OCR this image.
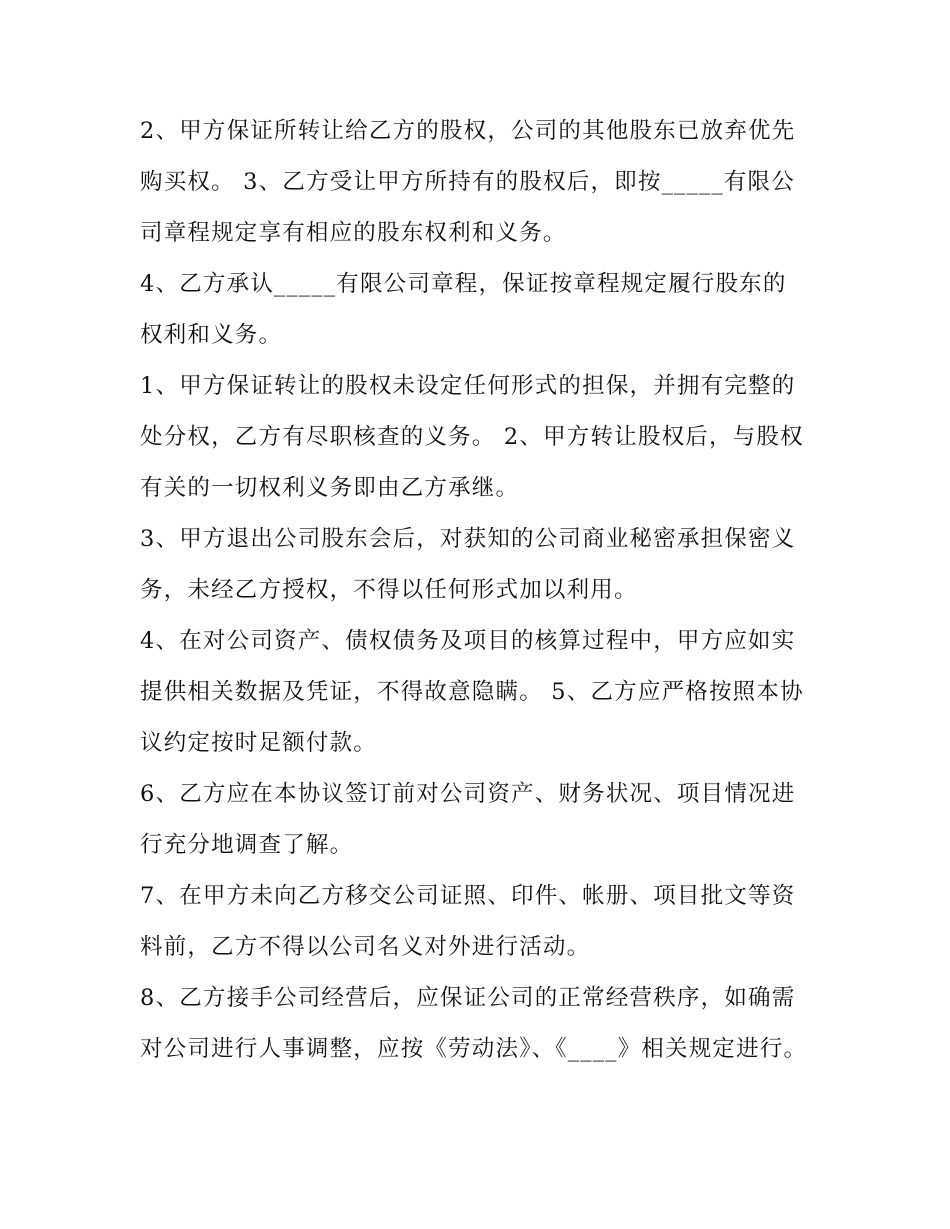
2、甲方保证所转让给乙方的股权，公司的其他股东已放弃优先购买权。 3、乙方受让甲方所持有的股权后，即按_____有限公司章程规定享有相应的股东权利和义务。

4、乙方承认_____有限公司章程，保证按章程规定履行股东的权利和义务。

1、甲方保证转让的股权未设定任何形式的担保，并拥有完整的处分权，乙方有尽职核查的义务。 2、甲方转让股权后，与股权有关的一切权利义务即由乙方承继。

3、甲方退出公司股东会后，对获知的公司商业秘密承担保密义务，未经乙方授权，不得以任何形式加以利用。

4、在对公司资产、债权债务及项目的核算过程中，甲方应如实提供相关数据及凭证，不得故意隐瞒。 5、乙方应严格按照本协议约定按时足额付款。

6、乙方应在本协议签订前对公司资产、财务状况、项目情况进行充分地调查了解。

7、在甲方未向乙方移交公司证照、印件、帐册、项目批文等资料前，乙方不得以公司名义对外进行活动。

8、乙方接手公司经营后，应保证公司的正常经营秩序，如确需对公司进行人事调整，应按《劳动法》、《____》相关规定进行。
